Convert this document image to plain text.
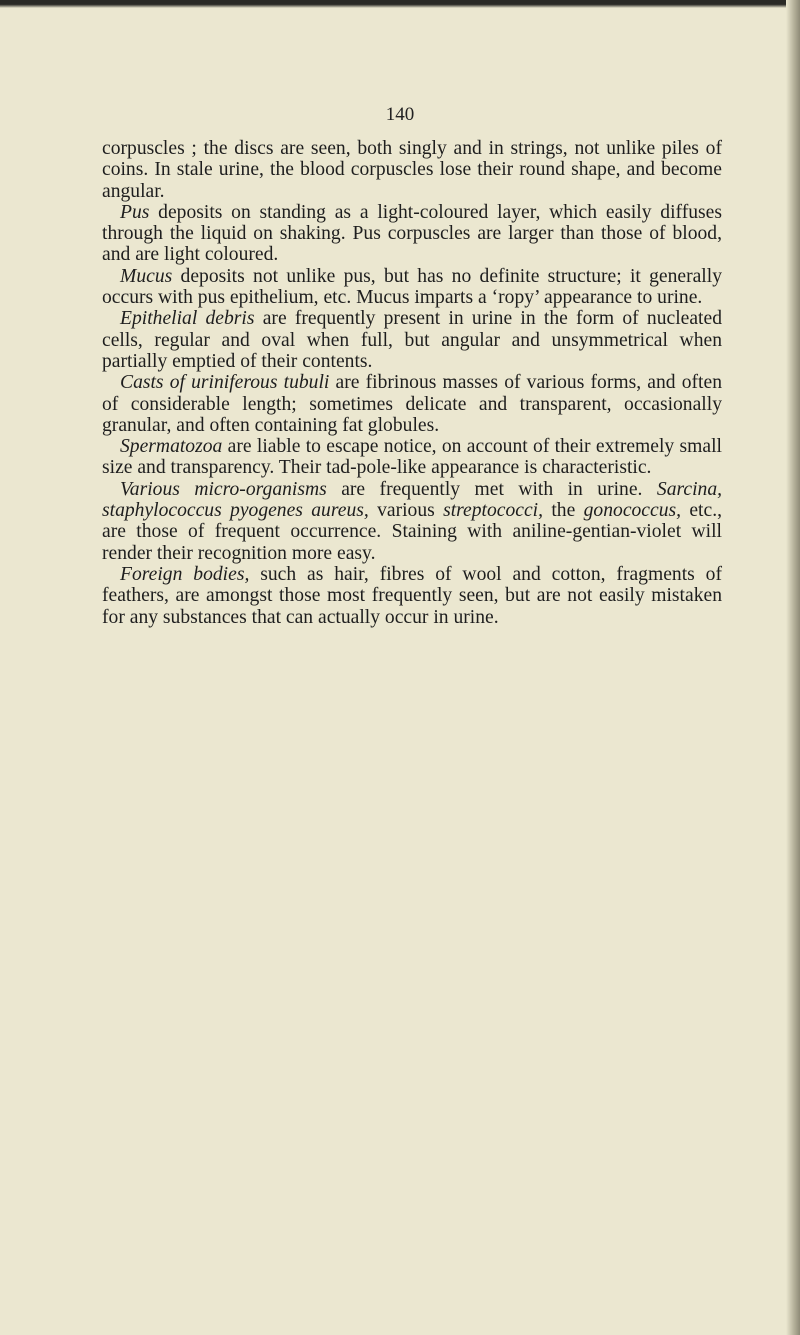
140

corpuscles ; the discs are seen, both singly and in strings, not unlike piles of coins. In stale urine, the blood corpuscles lose their round shape, and become angular.

Pus deposits on standing as a light-coloured layer, which easily diffuses through the liquid on shaking. Pus corpuscles are larger than those of blood, and are light coloured.

Mucus deposits not unlike pus, but has no definite structure; it generally occurs with pus epithelium, etc. Mucus imparts a ‘ropy’ appearance to urine.

Epithelial debris are frequently present in urine in the form of nucleated cells, regular and oval when full, but angular and unsymmetrical when partially emptied of their contents.

Casts of uriniferous tubuli are fibrinous masses of various forms, and often of considerable length; sometimes delicate and transparent, occasionally granular, and often containing fat globules.

Spermatozoa are liable to escape notice, on account of their extremely small size and transparency. Their tad-pole-like appearance is characteristic.

Various micro-organisms are frequently met with in urine. Sarcina, staphylococcus pyogenes aureus, various streptococci, the gonococcus, etc., are those of frequent occurrence. Staining with aniline-gentian-violet will render their recognition more easy.

Foreign bodies, such as hair, fibres of wool and cotton, fragments of feathers, are amongst those most frequently seen, but are not easily mistaken for any substances that can actually occur in urine.
